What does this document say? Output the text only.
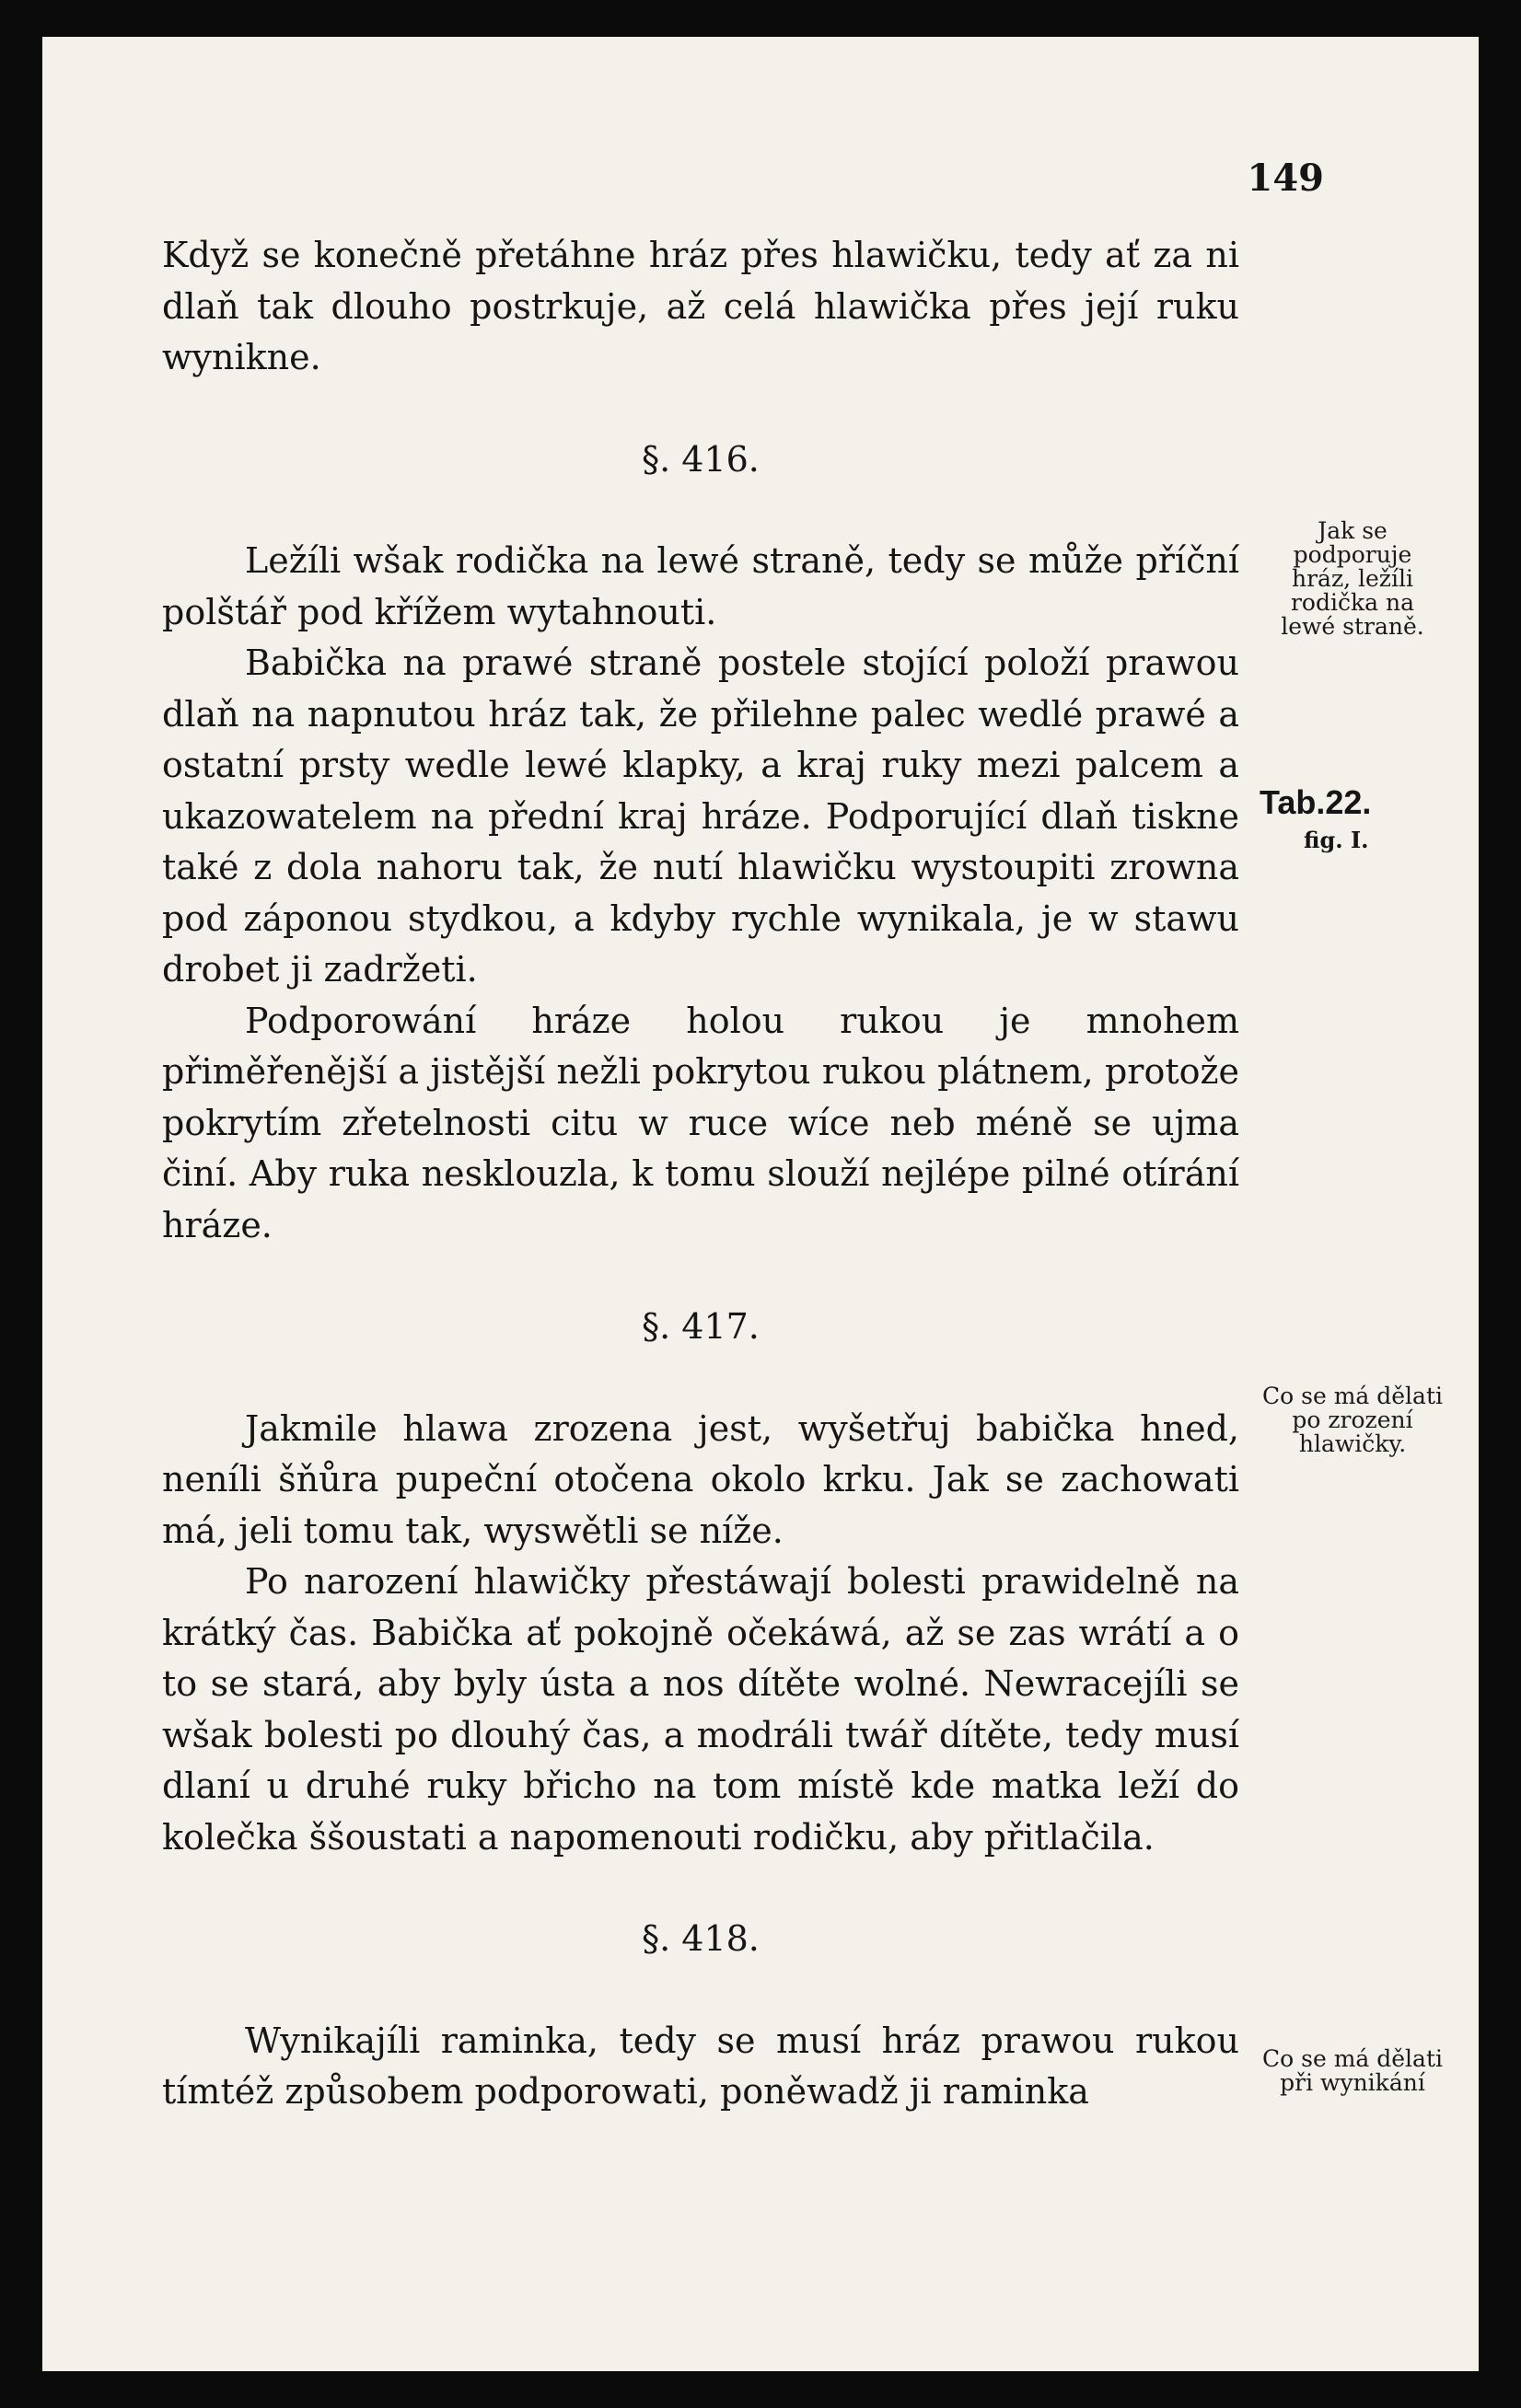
149

Když se konečně přetáhne hráz přes hlawičku, tedy ať za ni dlaň tak dlouho postrkuje, až celá hlawička přes její ruku wynikne.

§. 416.

Ležíli wšak rodička na lewé straně, tedy se může příční polštář pod křížem wytahnouti.

Babička na prawé straně postele stojící položí prawou dlaň na napnutou hráz tak, že přilehne palec wedlé prawé a ostatní prsty wedle lewé klapky, a kraj ruky mezi palcem a ukazowatelem na přední kraj hráze. Podporující dlaň tiskne také z dola nahoru tak, že nutí hlawičku wystoupiti zrowna pod záponou stydkou, a kdyby rychle wynikala, je w stawu drobet ji zadržeti.

Podporowání hráze holou rukou je mnohem přiměřenější a jistější nežli pokrytou rukou plátnem, protože pokrytím zřetelnosti citu w ruce wíce neb méně se ujma činí. Aby ruka nesklouzla, k tomu slouží nejlépe pilné otírání hráze.

§. 417.

Jakmile hlawa zrozena jest, wyšetřuj babička hned, neníli šňůra pupeční otočena okolo krku. Jak se zachowati má, jeli tomu tak, wyswětli se níže.

Po narození hlawičky přestáwají bolesti prawidelně na krátký čas. Babička ať pokojně očekáwá, až se zas wrátí a o to se stará, aby byly ústa a nos dítěte wolné. Newracejíli se wšak bolesti po dlouhý čas, a modráli twář dítěte, tedy musí dlaní u druhé ruky břicho na tom místě kde matka leží do kolečka ššoustati a napomenouti rodičku, aby přitlačila.

§. 418.

Wynikajíli raminka, tedy se musí hráz prawou rukou tímtéž způsobem podporowati, poněwadž ji raminka

Jak se podporuje hráz, ležíli rodička na lewé straně.
Tab.22.
fig. I.
Co se má dělati po zrození hlawičky.
Co se má dělati při wynikání
